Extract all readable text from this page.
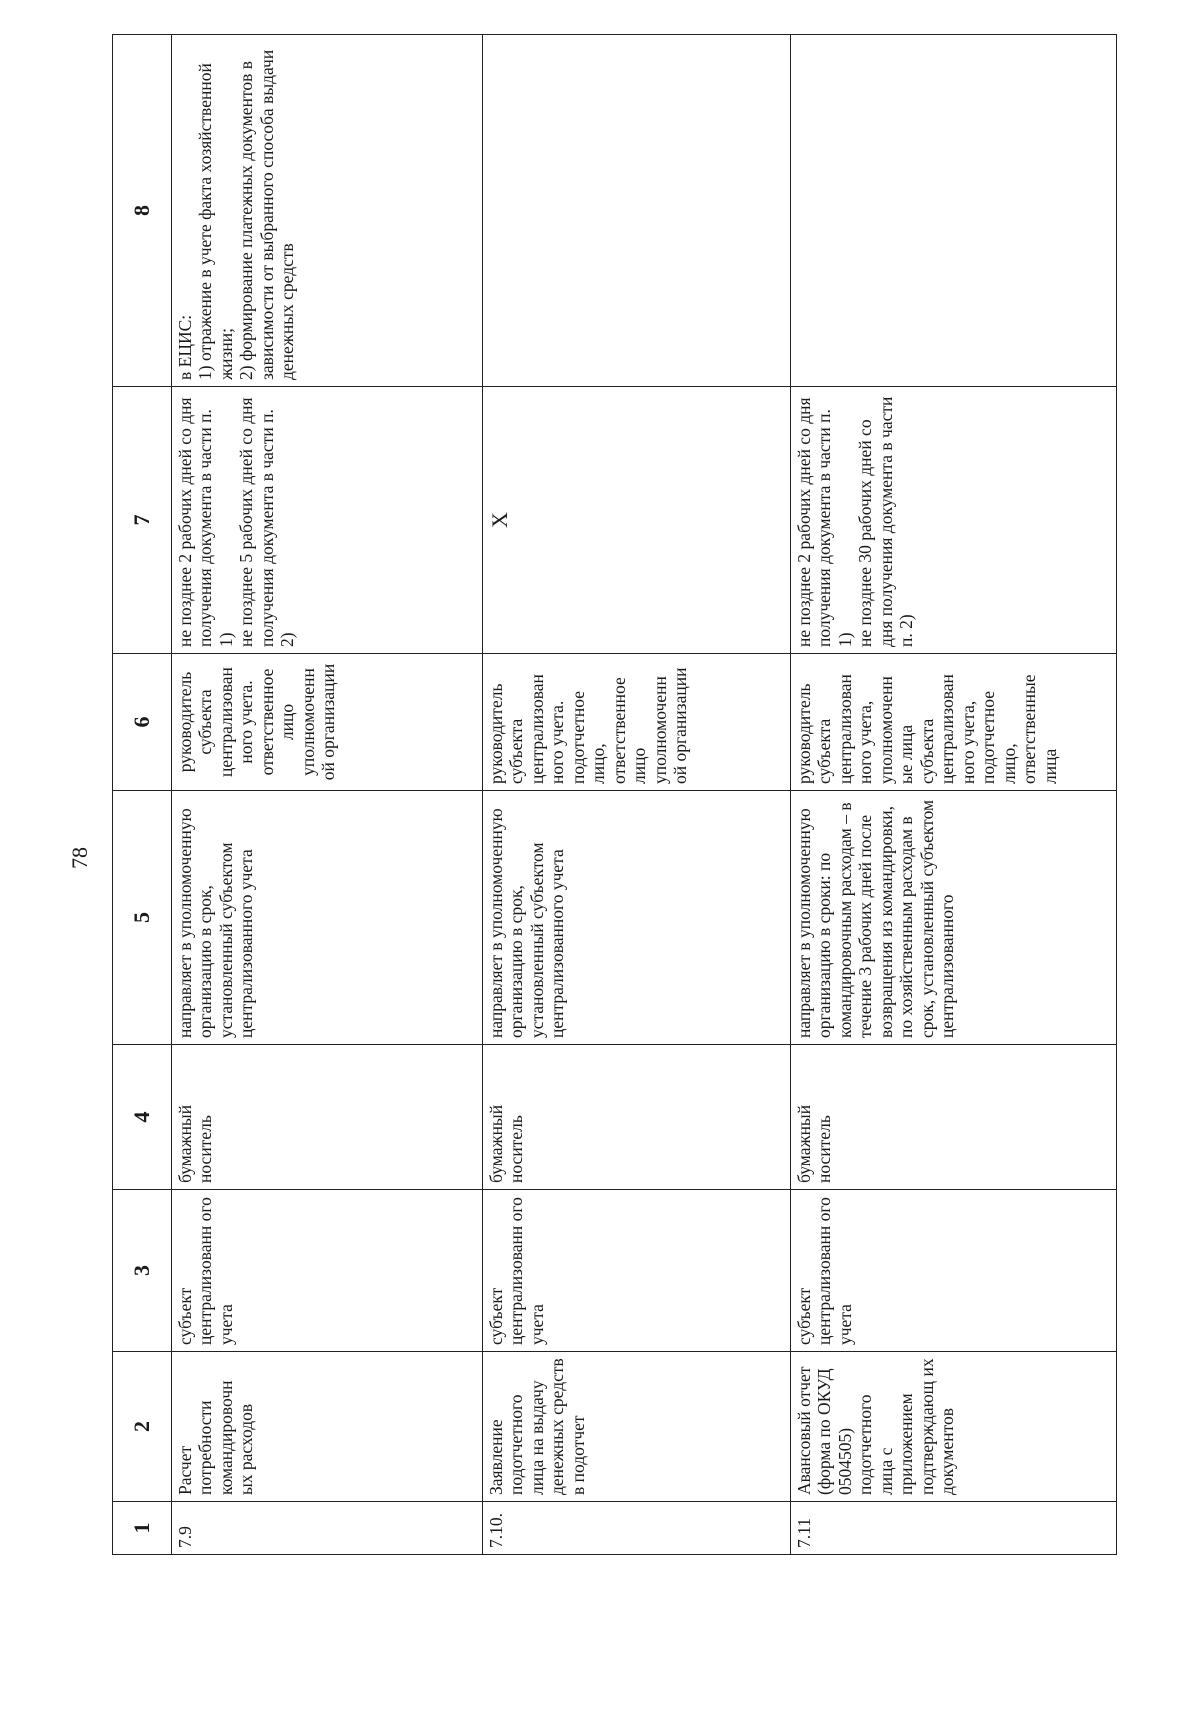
78
1	2	3	4	5	6	7	8
7.9	Расчет потребности командировочн ых расходов	субъект централизованн ого учета	бумажный носитель	направляет в уполномоченную организацию в срок, установленный субъектом централизованного учета	руководитель субъекта централизован ного учета. ответственное лицо уполномоченн ой организации	не позднее 2 рабочих дней со дня получения документа в части п. 1)
не позднее 5 рабочих дней со дня получения документа в части п. 2)	в ЕЦИС:
1) отражение в учете факта хозяйственной жизни;
2) формирование платежных документов в зависимости от выбранного способа выдачи денежных средств
7.10.	Заявление подотчетного лица на выдачу денежных средств в подотчет	субъект централизованн ого учета	бумажный носитель	направляет в уполномоченную организацию в срок, установленный субъектом централизованного учета	руководитель субъекта централизован ного учета. подотчетное лицо, ответственное лицо уполномоченн ой организации	X	
7.11	Авансовый отчет (форма по ОКУД 0504505) подотчетного лица с приложением подтверждающ их документов	субъект централизованн ого учета	бумажный носитель	направляет в уполномоченную организацию в сроки: по командировочным расходам – в течение 3 рабочих дней после возвращения из командировки, по хозяйственным расходам в срок, установленный субъектом централизованного	руководитель субъекта централизован ного учета, уполномоченн ые лица субъекта централизован ного учета, подотчетное лицо, ответственные лица	не позднее 2 рабочих дней со дня получения документа в части п. 1)
не позднее 30 рабочих дней со дня получения документа в части п. 2)	
